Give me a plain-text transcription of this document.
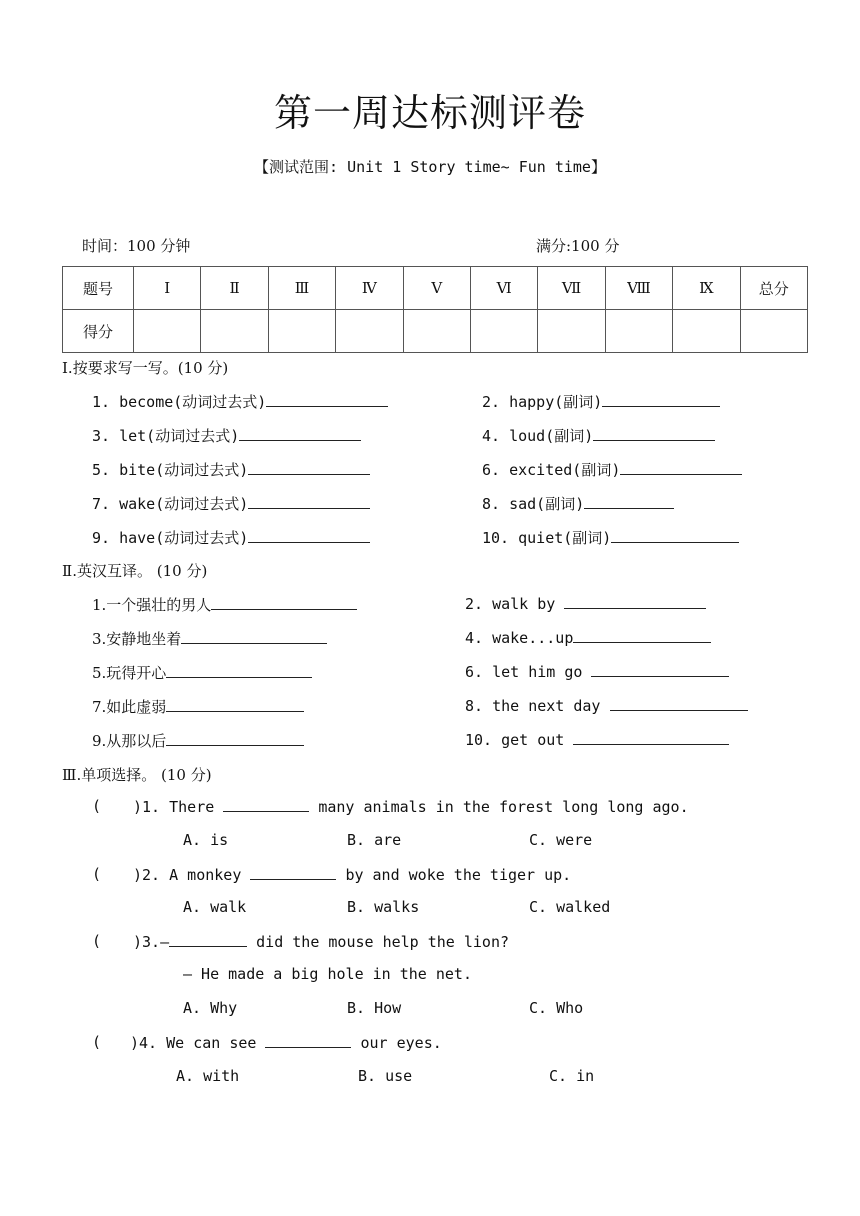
第一周达标测评卷
【测试范围: Unit 1 Story time~ Fun time】
时间：100 分钟	满分:100 分
题号	Ⅰ	Ⅱ	Ⅲ	Ⅳ	Ⅴ	Ⅵ	Ⅶ	Ⅷ	Ⅸ	总分
得分										
Ⅰ.按要求写一写。(10 分)
1. become(动词过去式)	2. happy(副词)
3. let(动词过去式)	4. loud(副词)
5. bite(动词过去式)	6. excited(副词)
7. wake(动词过去式)	8. sad(副词)
9. have(动词过去式)	10. quiet(副词)
Ⅱ.英汉互译。 (10 分)
1.一个强壮的男人	2. walk by
3.安静地坐着	4. wake...up
5.玩得开心	6. let him go
7.如此虚弱	8. the next day
9.从那以后	10. get out
Ⅲ.单项选择。 (10 分)
( )1. There	many animals in the forest long long ago.
A. is	B. are	C. were
( )2. A monkey	by and woke the tiger up.
A. walk	B. walks	C. walked
( )3.—	did the mouse help the lion?
— He made a big hole in the net.
A. Why	B. How	C. Who
( )4. We can see	our eyes.
A. with	B. use	C. in
